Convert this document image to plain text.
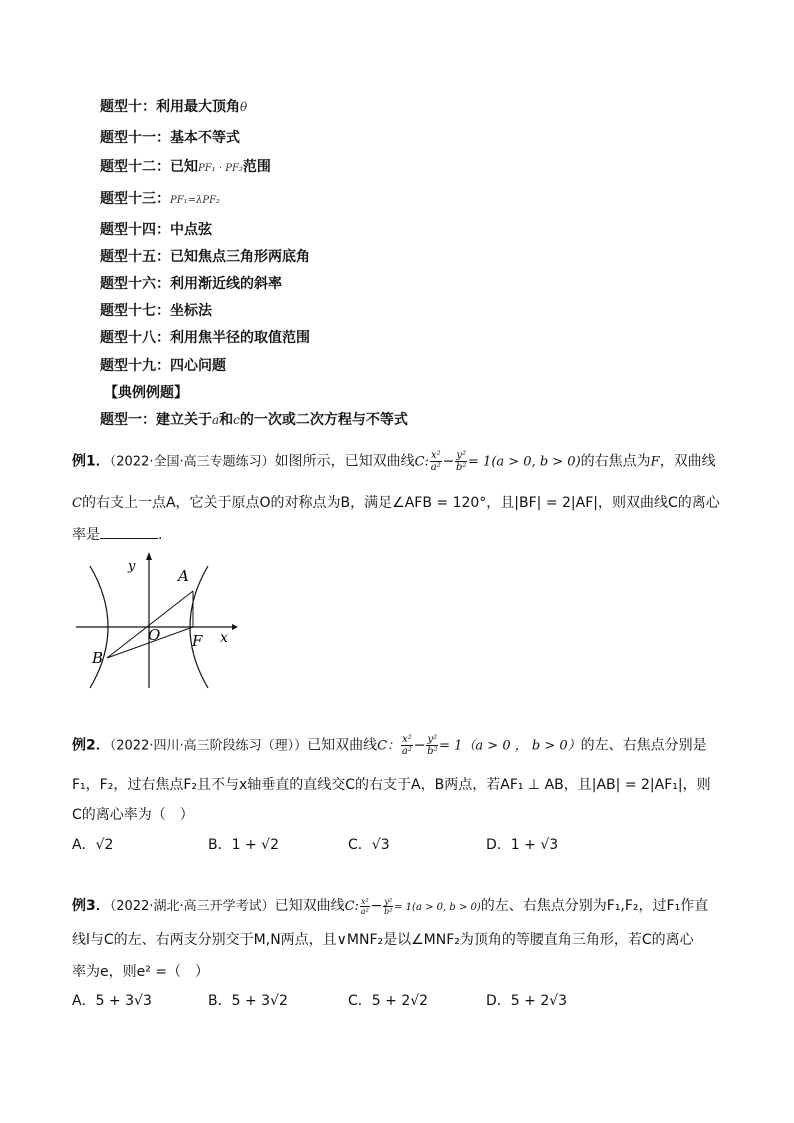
题型十：利用最大顶角θ
题型十一：基本不等式
题型十二：已知PF₁ · PF₂范围
题型十三：PF₁=λPF₂
题型十四：中点弦
题型十五：已知焦点三角形两底角
题型十六：利用渐近线的斜率
题型十七：坐标法
题型十八：利用焦半径的取值范围
题型十九：四心问题
【典例例题】
题型一：建立关于a和c的一次或二次方程与不等式
例1．（2022·全国·高三专题练习）如图所示，已知双曲线C: $\frac{\text{x²}}{\text{a²}} - \frac{\text{y²}}{\text{b²}} = 1(a > 0$, b > 0)的右焦点为F，双曲线
C的右支上一点A，它关于原点O的对称点为B，满足∠AFB = 120°，且|BF| = 2|AF|，则双曲线C的离心
率是	.
y
x
A
B
O F
例2．（2022·四川·高三阶段练习（理））已知双曲线C： $\frac{\text{x²}}{\text{a²}} - \frac{\text{y²}}{\text{b²}} = 1(a > 0$ ， b > 0）的左、右焦点分别是
F₁，F₂，过右焦点F₂且不与x轴垂直的直线交C的右支于A，B两点，若AF₁ ⊥ AB，且|AB| = 2|AF₁|，则
C的离心率为（　）
A．√2	B．1 + √2	C．√3	D．1 + √3
例3．（2022·湖北·高三开学考试）已知双曲线C: $\frac{\text{x²}}{\text{a²}} - \frac{\text{y²}}{\text{b²}} = 1(a > 0$, b > 0)的左、右焦点分别为F₁,F₂，过F₁作直
线l与C的左、右两支分别交于M,N两点，且∨MNF₂是以∠MNF₂为顶角的等腰直角三角形，若C的离心
率为e，则e² =（　）
A．5 + 3√3	B．5 + 3√2	C．5 + 2√2	D．5 + 2√3
